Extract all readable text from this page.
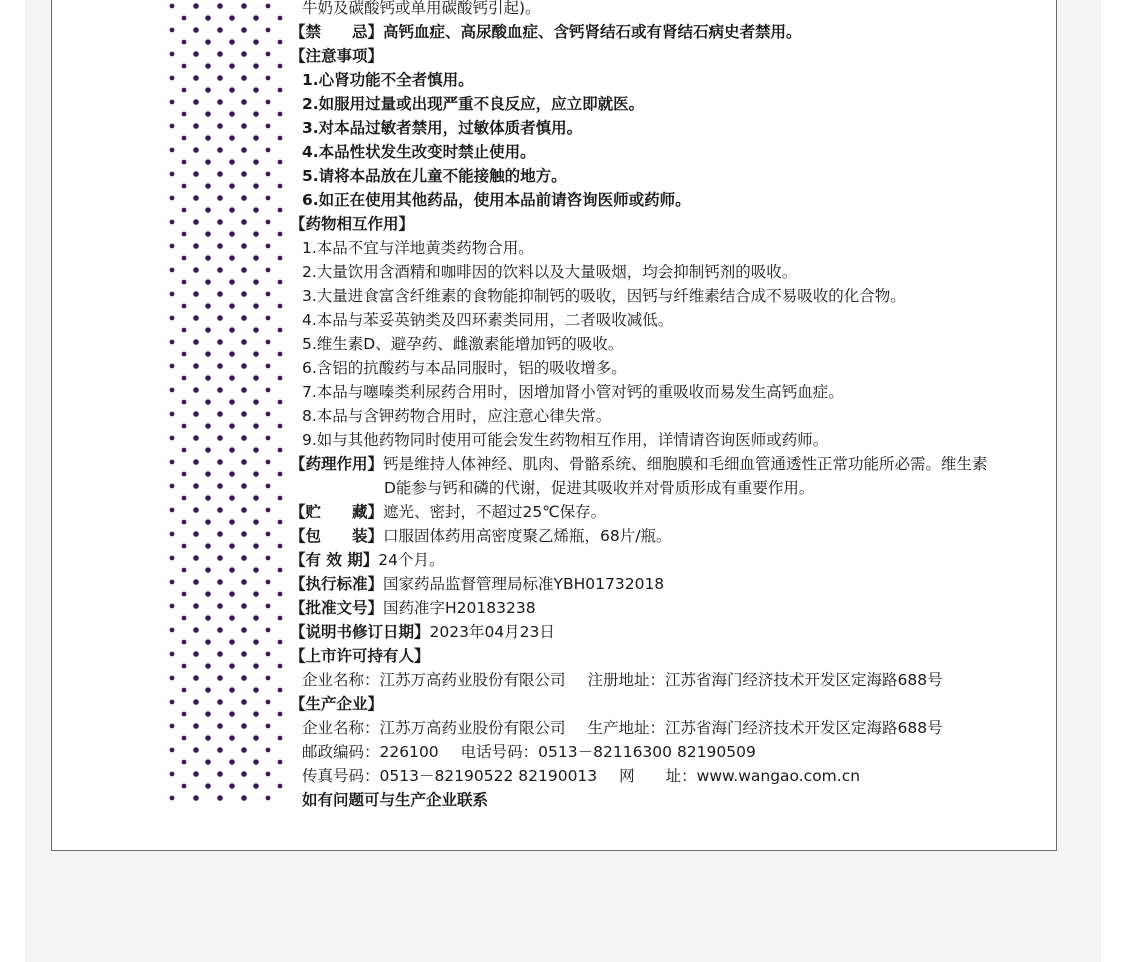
牛奶及碳酸钙或单用碳酸钙引起)。
【禁　　忌】高钙血症、高尿酸血症、含钙肾结石或有肾结石病史者禁用。
【注意事项】
1.心肾功能不全者慎用。
2.如服用过量或出现严重不良反应，应立即就医。
3.对本品过敏者禁用，过敏体质者慎用。
4.本品性状发生改变时禁止使用。
5.请将本品放在儿童不能接触的地方。
6.如正在使用其他药品，使用本品前请咨询医师或药师。
【药物相互作用】
1.本品不宜与洋地黄类药物合用。
2.大量饮用含酒精和咖啡因的饮料以及大量吸烟，均会抑制钙剂的吸收。
3.大量进食富含纤维素的食物能抑制钙的吸收，因钙与纤维素结合成不易吸收的化合物。
4.本品与苯妥英钠类及四环素类同用，二者吸收减低。
5.维生素D、避孕药、雌激素能增加钙的吸收。
6.含铝的抗酸药与本品同服时，铝的吸收增多。
7.本品与噻嗪类利尿药合用时，因增加肾小管对钙的重吸收而易发生高钙血症。
8.本品与含钾药物合用时，应注意心律失常。
9.如与其他药物同时使用可能会发生药物相互作用，详情请咨询医师或药师。
【药理作用】钙是维持人体神经、肌肉、骨骼系统、细胞膜和毛细血管通透性正常功能所必需。维生素
D能参与钙和磷的代谢，促进其吸收并对骨质形成有重要作用。
【贮　　藏】遮光、密封，不超过25℃保存。
【包　　装】口服固体药用高密度聚乙烯瓶，68片/瓶。
【有 效 期】24个月。
【执行标准】国家药品监督管理局标准YBH01732018
【批准文号】国药准字H20183238
【说明书修订日期】2023年04月23日
【上市许可持有人】
企业名称：江苏万高药业股份有限公司 注册地址：江苏省海门经济技术开发区定海路688号
【生产企业】
企业名称：江苏万高药业股份有限公司 生产地址：江苏省海门经济技术开发区定海路688号
邮政编码：226100 电话号码：0513－82116300 82190509
传真号码：0513－82190522 82190013 网　　址：www.wangao.com.cn
如有问题可与生产企业联系
